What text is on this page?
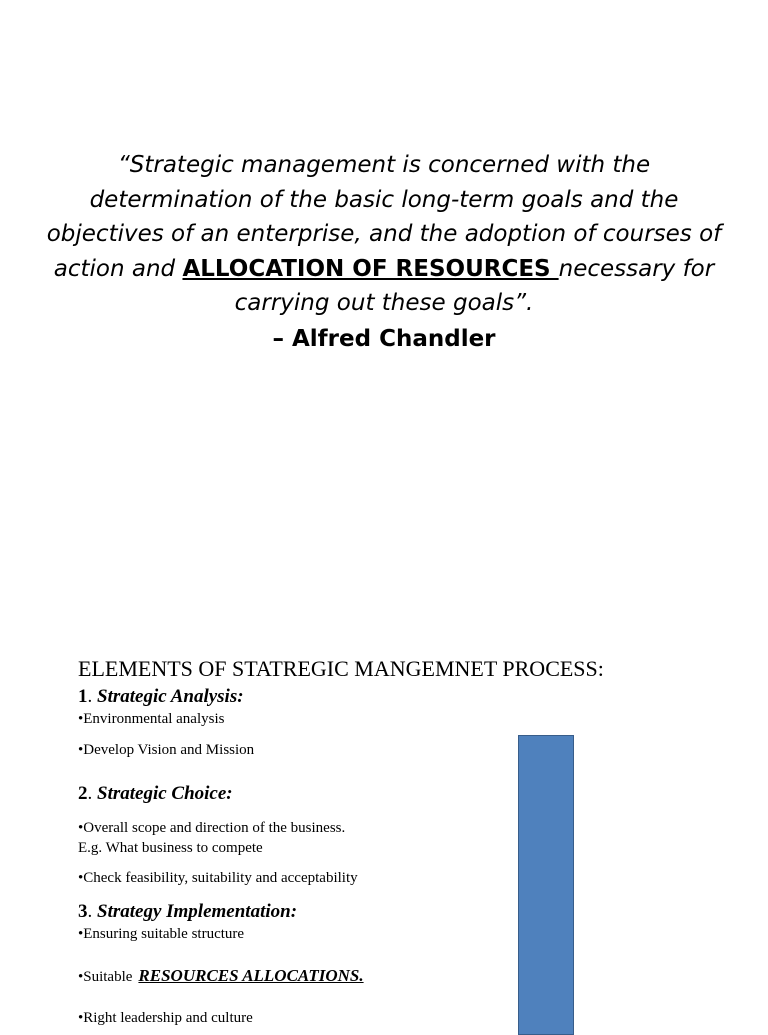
“Strategic management is concerned with the determination of the basic long-term goals and the objectives of an enterprise, and the adoption of courses of action and ALLOCATION OF RESOURCES necessary for carrying out these goals”.

– Alfred Chandler

ELEMENTS OF STATREGIC MANGEMNET PROCESS:

1. Strategic Analysis:

•Environmental analysis

•Develop Vision and Mission

2. Strategic Choice:

•Overall scope and direction of the business.

E.g. What business to compete

•Check feasibility, suitability and acceptability

3. Strategy Implementation:

•Ensuring suitable structure

•Suitable RESOURCES ALLOCATIONS.

•Right leadership and culture
